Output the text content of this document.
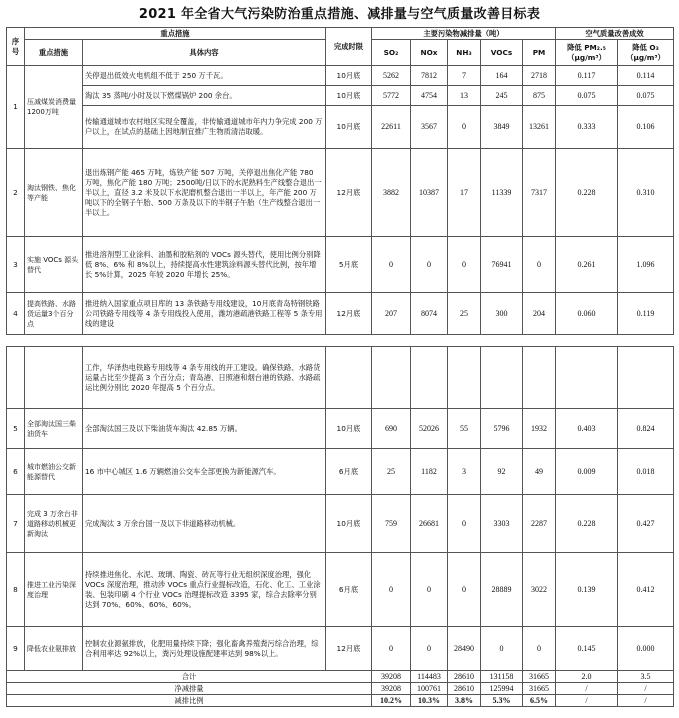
2021 年全省大气污染防治重点措施、减排量与空气质量改善目标表
序号	重点措施		完成时限	主要污染物减排量（吨）					空气质量改善成效	
	重点措施	具体内容		SO₂	NOx	NH₃	VOCs	PM	降低 PM₂.₅（μg/m³）	降低 O₃（μg/m³）
1	压减煤炭消费量1200万吨	关停退出低效火电机组不低于 250 万千瓦。	10月底	5262	7812	7	164	2718	0.117	0.114
		淘汰 35 蒸吨/小时及以下燃煤锅炉 200 余台。	10月底	5772	4754	13	245	875	0.075	0.075
		传输通道城市农村地区实现全覆盖，非传输通道城市年内力争完成 200 万户以上，在试点的基础上因地制宜推广生物质清洁取暖。	10月底	22611	3567	0	3849	13261	0.333	0.106
2	淘汰钢铁、焦化等产能	退出炼钢产能 465 万吨，炼铁产能 507 万吨，关停退出焦化产能 780 万吨，焦化产能 180 万吨；2500吨/日以下的水泥熟料生产线整合退出一半以上，直径 3.2 米及以下水泥磨机整合退出一半以上，年产能 200 万吨以下的全钢子午胎、500 万条及以下的半钢子午胎（生产线整合退出一半以上。	12月底	3882	10387	17	11339	7317	0.228	0.310
3	实施 VOCs 源头替代	推进溶剂型工业涂料、油墨和胶粘剂的 VOCs 源头替代，使用比例分别降低 8%、6% 和 8%以上，持续提高水性建筑涂料源头替代比例，按年增长 5%计算，2025 年较 2020 年增长 25%。	5月底	0	0	0	76941	0	0.261	1.096
4	提高铁路、水路货运量3个百分点	推进纳入国家重点项目库的 13 条铁路专用线建设，10月底青岛特钢铁路公司铁路专用线等 4 条专用线投入使用，潍坊港疏港铁路工程等 5 条专用线的建设	12月底	207	8074	25	300	204	0.060	0.119
		工作，华泽热电铁路专用线等 4 条专用线的开工建设。确保铁路、水路货运量占比至少提高 3 个百分点；青岛港、日照港和烟台港的铁路、水路疏运比例分别比 2020 年提高 5 个百分点。								
5	全部淘汰国三柴油货车	全部淘汰国三及以下柴油货车淘汰 42.85 万辆。	10月底	690	52026	55	5796	1932	0.403	0.824
6	城市燃油公交新能源替代	16 市中心城区 1.6 万辆燃油公交车全部更换为新能源汽车。	6月底	25	1182	3	92	49	0.009	0.018
7	完成 3 万余台非道路移动机械更新淘汰	完成淘汰 3 万余台国一及以下非道路移动机械。	10月底	759	26681	0	3303	2287	0.228	0.427
8	推进工业污染深度治理	持续推进焦化、水泥、玻璃、陶瓷、砖瓦等行业无组织深度治理，强化 VOCs 深度治理，推动涉 VOCs 重点行业提标改造，石化、化工、工业涂装、包装印刷 4 个行业 VOCs 治理提标改造 3395 家，综合去除率分别达到 70%、60%、60%、60%。	6月底	0	0	0	28889	3022	0.139	0.412
9	降低农业氨排放	控制农业源氨排放，化肥用量持续下降；强化畜禽养殖粪污综合治理，综合利用率达 92%以上，粪污处理设施配建率达到 98%以上。	12月底	0	0	28490	0	0	0.145	0.000
合计				39208	114483	28610	131158	31665	2.0	3.5
净减排量				39208	100761	28610	125994	31665	/	/
减排比例				10.2%	10.3%	3.8%	5.3%	6.5%	/	/
